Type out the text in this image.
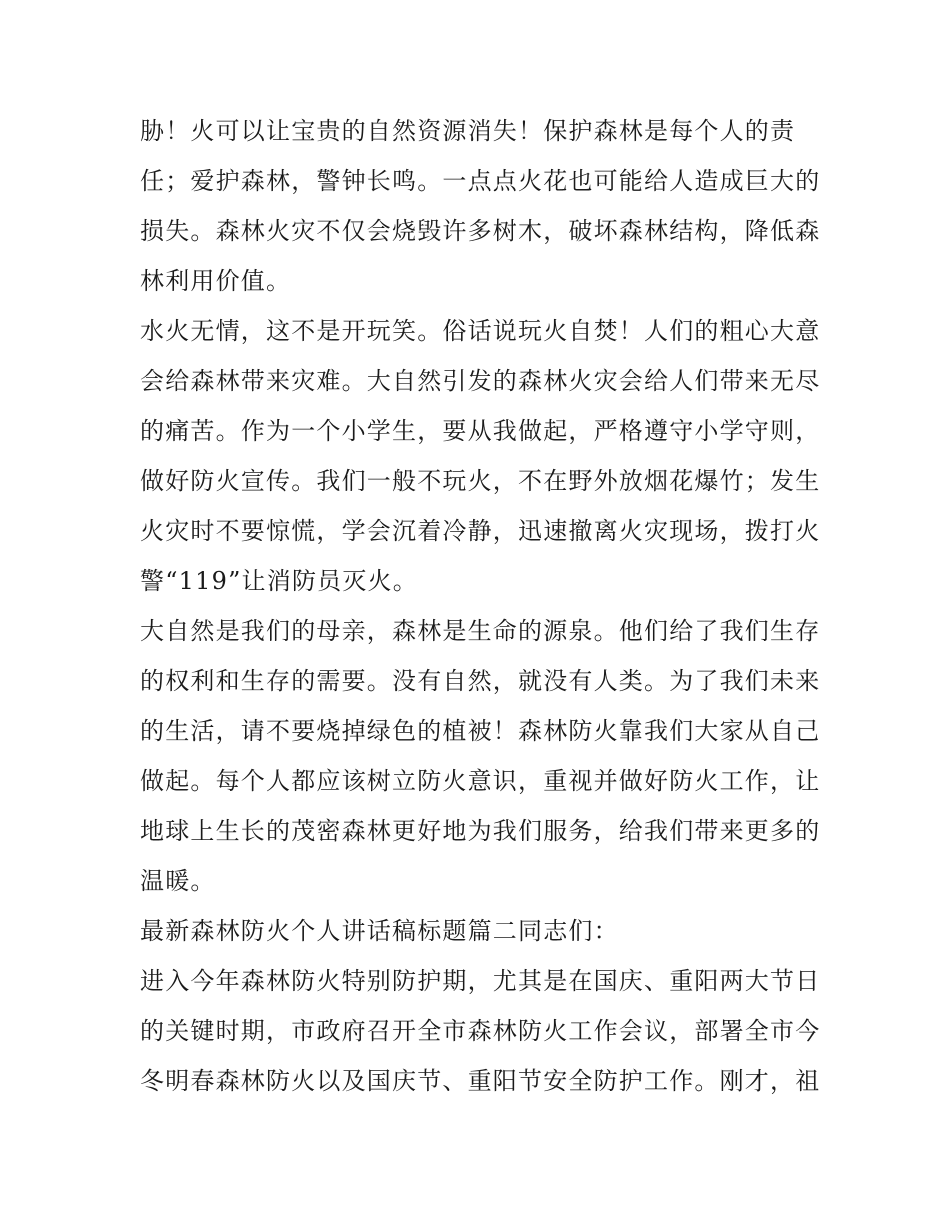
胁！火可以让宝贵的自然资源消失！保护森林是每个人的责

任；爱护森林，警钟长鸣。一点点火花也可能给人造成巨大的

损失。森林火灾不仅会烧毁许多树木，破坏森林结构，降低森

林利用价值。

水火无情，这不是开玩笑。俗话说玩火自焚！人们的粗心大意

会给森林带来灾难。大自然引发的森林火灾会给人们带来无尽

的痛苦。作为一个小学生，要从我做起，严格遵守小学守则，

做好防火宣传。我们一般不玩火，不在野外放烟花爆竹；发生

火灾时不要惊慌，学会沉着冷静，迅速撤离火灾现场，拨打火

警“119”让消防员灭火。

大自然是我们的母亲，森林是生命的源泉。他们给了我们生存

的权利和生存的需要。没有自然，就没有人类。为了我们未来

的生活，请不要烧掉绿色的植被！森林防火靠我们大家从自己

做起。每个人都应该树立防火意识，重视并做好防火工作，让

地球上生长的茂密森林更好地为我们服务，给我们带来更多的

温暖。

最新森林防火个人讲话稿标题篇二同志们：

进入今年森林防火特别防护期，尤其是在国庆、重阳两大节日

的关键时期，市政府召开全市森林防火工作会议，部署全市今

冬明春森林防火以及国庆节、重阳节安全防护工作。刚才，祖
